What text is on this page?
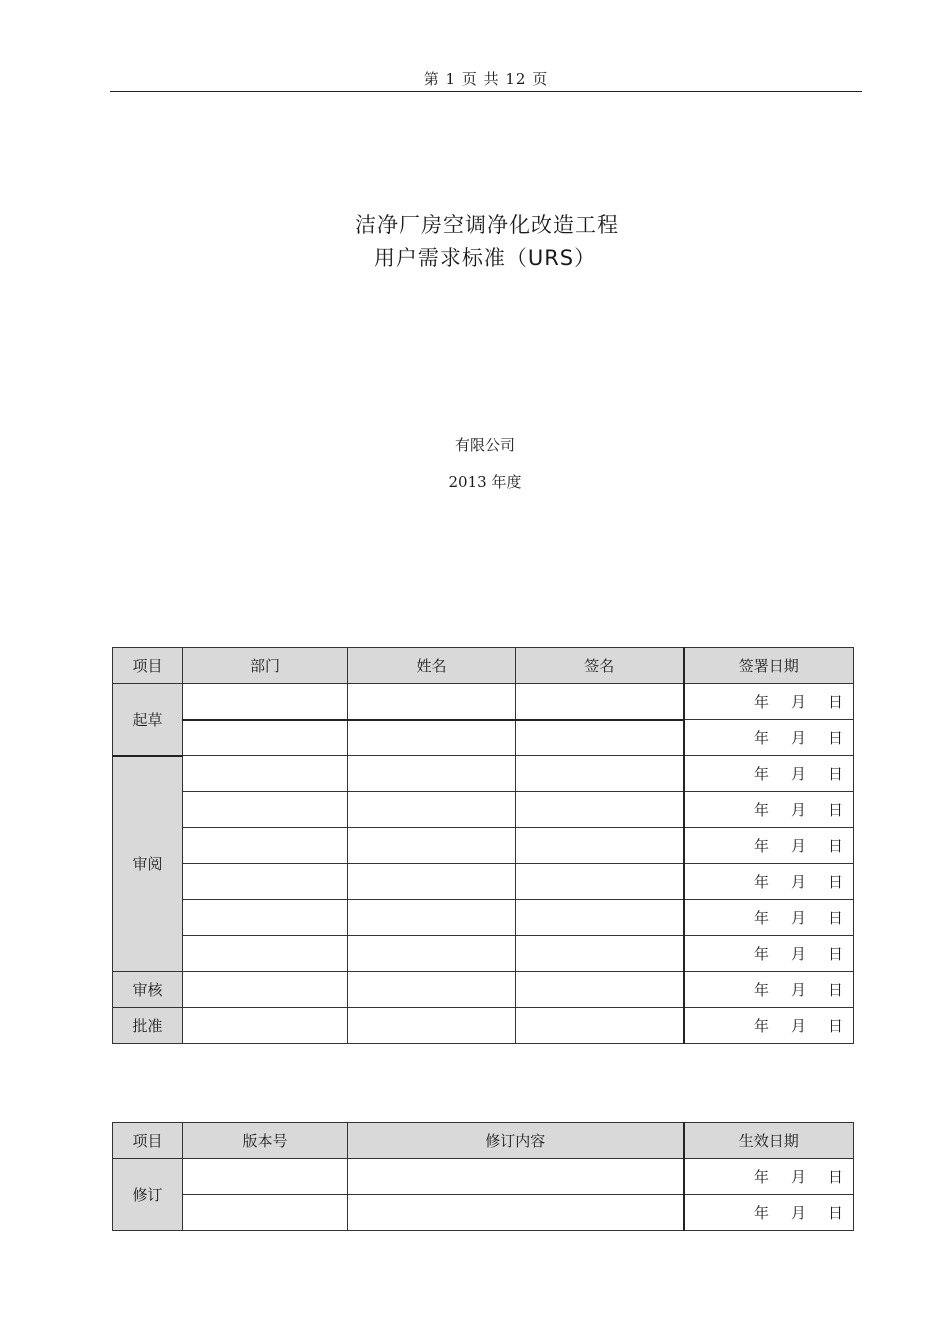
第 1 页 共 12 页
洁净厂房空调净化改造工程
用户需求标准（URS）
有限公司
2013 年度
项目	部门	姓名	签名	签署日期
起草				年 月 日
				年 月 日
审阅				年 月 日
				年 月 日
				年 月 日
				年 月 日
				年 月 日
				年 月 日
审核				年 月 日
批准				年 月 日
项目	版本号	修订内容	生效日期
修订			年 月 日
			年 月 日
